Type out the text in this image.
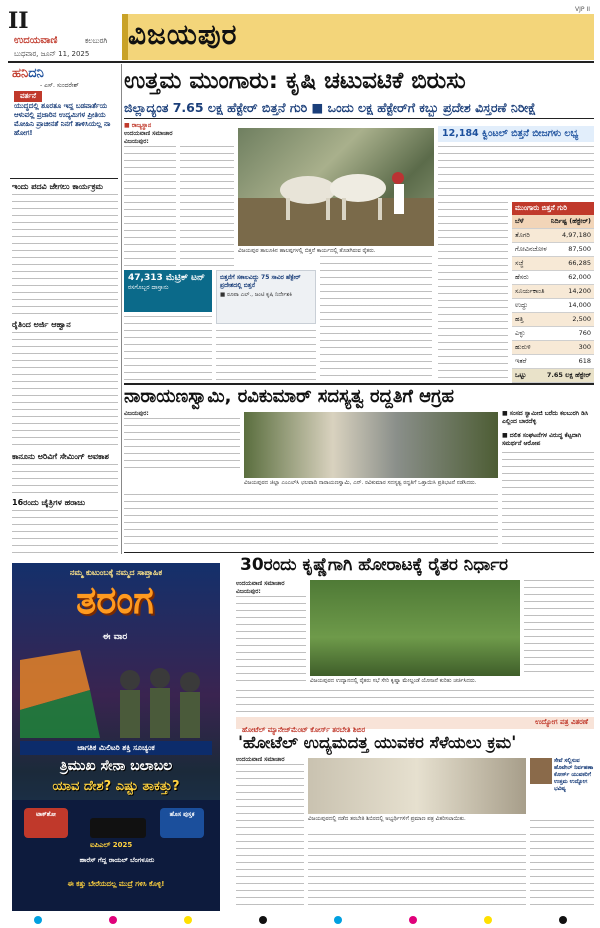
II
ಉದಯವಾಣಿ	ಕಲಬುರಗಿ
ಬುಧವಾರ, ಜೂನ್ 11, 2025
ವಿಜಯಪುರ
VJP II
ಹನಿದನಿ
- ಎಸ್. ಸುಂದರೇಶ್
ವರ್ತನೆ
ಯುದ್ಧದಲ್ಲಿ ಶೂರತೂ ಇದ್ದ ಬಡವಾರ್ತೆಯ ಆಳುವಲ್ಲಿ ಪ್ರಜಾರಿನ ಉದ್ಯಮಿಗಳ ಪ್ರೀತಿಯ ಮೋಹಿನಿ ಪ್ರಾಚೀನತೆ ನಿನಗೆ ತಾಳಿಸಿಯಲ್ಲ ನಾ ಹೋಗ!
ಇಂದು ಪದವಿ ಜೇಗಲು ಕಾರ್ಯಕ್ರಮ
ರೈತಿಂದ ಅರ್ಜಿ ಆಹ್ವಾನ
ಕಾನೂನು ಅರಿವಿಗೆ ಸೇಮಿಂಗ್ ಅವಕಾಶ
16ರಂದು ಚೈತ್ರಿಗಳ ಹರಾಜು
ಉತ್ತಮ ಮುಂಗಾರು: ಕೃಷಿ ಚಟುವಟಿಕೆ ಬಿರುಸು
ಜಿಲ್ಲಾದ್ಯಂತ 7.65 ಲಕ್ಷ ಹೆಕ್ಟೇರ್ ಬಿತ್ತನೆ ಗುರಿ ■ ಒಂದು ಲಕ್ಷ ಹೆಕ್ಟೇರ್‌ಗೆ ಕಬ್ಬು ಪ್ರದೇಶ ವಿಸ್ತರಣೆ ನಿರೀಕ್ಷೆ
■ ರಾಜ್ಯಸ್ಥಾನ
ಉದಯವಾಣಿ ಸಮಾಚಾರ
ವಿಜಯಪುರ:
ವಿಜಯಪುರ ತಾಲೂಕಿನ ಹಾಲಪ್ಪಗಳಲ್ಲಿ ಬಿತ್ತನೆ ಕಾರ್ಯದಲ್ಲಿ ತೊಡಗಿರುವ ರೈತರು.
47,313 ಮೆಟ್ರಿಕ್ ಟನ್
ರಸಗೊಬ್ಬರ ದಾಸ್ತಾನು
ಬಿತ್ತನೆಗೆ ಸಕಾಲವಿದ್ದು 75 ಸಾವಿರ ಹೆಕ್ಟೇರ್ ಪ್ರದೇಶದಲ್ಲಿ ಬಿತ್ತನೆ
■ ರೂಪಾ ಎಲ್., ಜಂಟಿ ಕೃಷಿ ನಿರ್ದೇಶಕಿ
12,184 ಕ್ವಿಂಟಲ್ ಬಿತ್ತನೆ ಬೀಜಗಳು ಲಭ್ಯ
ಮುಂಗಾರು ಬಿತ್ತನೆ ಗುರಿ
ಬೆಳೆ	ನಿರ್ದಿಷ್ಟ (ಹೆಕ್ಟೇರ್)
ತೊಗರಿ	4,97,180
ಗೋವಿನಜೋಳ	87,500
ಸಜ್ಜೆ	66,285
ಹೆಸರು	62,000
ಸೂರ್ಯಕಾಂತಿ	14,200
ಉದ್ದು	14,000
ಹತ್ತಿ	2,500
ಎಳ್ಳು	760
ಹುರುಳಿ	300
ಇತರೆ	618
ಒಟ್ಟು	7.65 ಲಕ್ಷ ಹೆಕ್ಟೇರ್
ನಾರಾಯಣಸ್ವಾಮಿ, ರವಿಕುಮಾರ್ ಸದಸ್ಯತ್ವ ರದ್ದತಿಗೆ ಆಗ್ರಹ
ವಿಜಯಪುರ:
ವಿಜಯಪುರದ ಜಿಲ್ಲಾ ಎಂಎಲ್‌ಸಿ ಛಲವಾದಿ ನಾರಾಯಣಸ್ವಾಮಿ, ಎನ್. ರವಿಕುಮಾರ ಸದಸ್ಯತ್ವ ರದ್ದತಿಗೆ ಒತ್ತಾಯಿಸಿ ಪ್ರತಿಭಟನೆ ನಡೆಸಿದರು.
■ ಸಂಸದ ಸ್ವಾಮೀಜಿ ಬರೆದು ಕಲಬುರಗಿ ಡಿಸಿ ಎಲ್ಲಿಂದ ಬಾರದೆಳ್ಳಿ
■ ದಲಿತ ಸಂಘಟನೆಗಳ ವಿರುದ್ಧ ಕೆಟ್ಟದಾಗಿ ಸಮರ್ಥನೆ ಆರೋಪ
ನಮ್ಮ ಕುಟುಂಬಕ್ಕೆ ನಮ್ಮದ ಸಾಪ್ತಾಹಿಕ
ತರಂಗ
ಈ ವಾರ
ಜಾಗತಿಕ ಮಿಲಿಟರಿ ಶಕ್ತಿ ಸೂಚ್ಯಂಕ
ತ್ರಿಮುಖ ಸೇನಾ ಬಲಾಬಲ
ಯಾವ ದೇಶ? ಎಷ್ಟು ತಾಕತ್ತು?
ಟಾಕ್‌ಶೋ	ಹೊಸ ಪುಸ್ತಕ
ಐಪಿಎಲ್ 2025
ಹಾರೆಸ್ ಗೆದ್ದ ರಾಯಲ್ ಬೆಂಗಳೂರು
ಈ ಕತ್ತು ಬೇರೆಯದಲ್ಲ ಮುದ್ರೆ ಗಳಿಸಿ ಕೊಳ್ಳಿ!
30ರಂದು ಕೃಷ್ಣೆಗಾಗಿ ಹೋರಾಟಕ್ಕೆ ರೈತರ ನಿರ್ಧಾರ
ಉದಯವಾಣಿ ಸಮಾಚಾರ
ವಿಜಯಪುರ:
ವಿಜಯಪುರದ ಉದ್ಯಾನದಲ್ಲಿ ರೈತರು ಸಭೆ ಸೇರಿ ಕೃಷ್ಣಾ ಮೇಲ್ದಂಡೆ ಯೋಜನೆ ಕುರಿತು ಚರ್ಚಿಸಿದರು.
ಹೋಟೆಲ್ ಮ್ಯಾನೇಜ್‌ಮೆಂಟ್ ಕೋರ್ಸ್ ತರಬೇತಿ ಶಿಬಿರ
ಉದ್ಯೋಗ ಪತ್ರ ವಿತರಣೆ
'ಹೋಟೆಲ್ ಉದ್ಯಮದತ್ತ ಯುವಕರ ಸೆಳೆಯಲು ಕ್ರಮ'
ಉದಯವಾಣಿ ಸಮಾಚಾರ
ವಿಜಯಪುರದಲ್ಲಿ ನಡೆದ ತರಬೇತಿ ಶಿಬಿರದಲ್ಲಿ ಅಭ್ಯರ್ಥಿಗಳಿಗೆ ಪ್ರಮಾಣ ಪತ್ರ ವಿತರಿಸಲಾಯಿತು.
ಸೇವೆ ಸಲ್ಲಿಸುವ ಹೊಟೇಲ್‌ ನಿರ್ವಹಣಾ ಕೋರ್ಸ್ ಯುವಕರಿಗೆ ಉತ್ತಮ ಉದ್ಯೋಗ ಭವಿಷ್ಯ
